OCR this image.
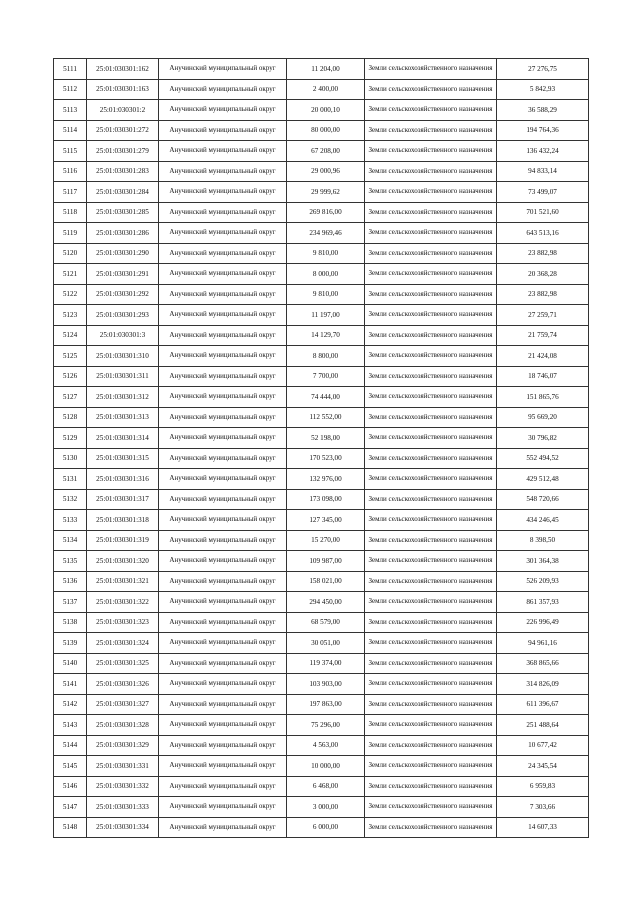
5111	25:01:030301:162	Анучинский муниципальный округ	11 204,00	Земли сельскохозяйственного назначения	27 276,75
5112	25:01:030301:163	Анучинский муниципальный округ	2 400,00	Земли сельскохозяйственного назначения	5 842,93
5113	25:01:030301:2	Анучинский муниципальный округ	20 000,10	Земли сельскохозяйственного назначения	36 588,29
5114	25:01:030301:272	Анучинский муниципальный округ	80 000,00	Земли сельскохозяйственного назначения	194 764,36
5115	25:01:030301:279	Анучинский муниципальный округ	67 208,00	Земли сельскохозяйственного назначения	136 432,24
5116	25:01:030301:283	Анучинский муниципальный округ	29 000,96	Земли сельскохозяйственного назначения	94 833,14
5117	25:01:030301:284	Анучинский муниципальный округ	29 999,62	Земли сельскохозяйственного назначения	73 499,07
5118	25:01:030301:285	Анучинский муниципальный округ	269 816,00	Земли сельскохозяйственного назначения	701 521,60
5119	25:01:030301:286	Анучинский муниципальный округ	234 969,46	Земли сельскохозяйственного назначения	643 513,16
5120	25:01:030301:290	Анучинский муниципальный округ	9 810,00	Земли сельскохозяйственного назначения	23 882,98
5121	25:01:030301:291	Анучинский муниципальный округ	8 000,00	Земли сельскохозяйственного назначения	20 368,28
5122	25:01:030301:292	Анучинский муниципальный округ	9 810,00	Земли сельскохозяйственного назначения	23 882,98
5123	25:01:030301:293	Анучинский муниципальный округ	11 197,00	Земли сельскохозяйственного назначения	27 259,71
5124	25:01:030301:3	Анучинский муниципальный округ	14 129,70	Земли сельскохозяйственного назначения	21 759,74
5125	25:01:030301:310	Анучинский муниципальный округ	8 800,00	Земли сельскохозяйственного назначения	21 424,08
5126	25:01:030301:311	Анучинский муниципальный округ	7 700,00	Земли сельскохозяйственного назначения	18 746,07
5127	25:01:030301:312	Анучинский муниципальный округ	74 444,00	Земли сельскохозяйственного назначения	151 865,76
5128	25:01:030301:313	Анучинский муниципальный округ	112 552,00	Земли сельскохозяйственного назначения	95 669,20
5129	25:01:030301:314	Анучинский муниципальный округ	52 198,00	Земли сельскохозяйственного назначения	30 796,82
5130	25:01:030301:315	Анучинский муниципальный округ	170 523,00	Земли сельскохозяйственного назначения	552 494,52
5131	25:01:030301:316	Анучинский муниципальный округ	132 976,00	Земли сельскохозяйственного назначения	429 512,48
5132	25:01:030301:317	Анучинский муниципальный округ	173 098,00	Земли сельскохозяйственного назначения	548 720,66
5133	25:01:030301:318	Анучинский муниципальный округ	127 345,00	Земли сельскохозяйственного назначения	434 246,45
5134	25:01:030301:319	Анучинский муниципальный округ	15 270,00	Земли сельскохозяйственного назначения	8 398,50
5135	25:01:030301:320	Анучинский муниципальный округ	109 987,00	Земли сельскохозяйственного назначения	301 364,38
5136	25:01:030301:321	Анучинский муниципальный округ	158 021,00	Земли сельскохозяйственного назначения	526 209,93
5137	25:01:030301:322	Анучинский муниципальный округ	294 450,00	Земли сельскохозяйственного назначения	861 357,93
5138	25:01:030301:323	Анучинский муниципальный округ	68 579,00	Земли сельскохозяйственного назначения	226 996,49
5139	25:01:030301:324	Анучинский муниципальный округ	30 051,00	Земли сельскохозяйственного назначения	94 961,16
5140	25:01:030301:325	Анучинский муниципальный округ	119 374,00	Земли сельскохозяйственного назначения	368 865,66
5141	25:01:030301:326	Анучинский муниципальный округ	103 903,00	Земли сельскохозяйственного назначения	314 826,09
5142	25:01:030301:327	Анучинский муниципальный округ	197 863,00	Земли сельскохозяйственного назначения	611 396,67
5143	25:01:030301:328	Анучинский муниципальный округ	75 296,00	Земли сельскохозяйственного назначения	251 488,64
5144	25:01:030301:329	Анучинский муниципальный округ	4 563,00	Земли сельскохозяйственного назначения	10 677,42
5145	25:01:030301:331	Анучинский муниципальный округ	10 000,00	Земли сельскохозяйственного назначения	24 345,54
5146	25:01:030301:332	Анучинский муниципальный округ	6 468,00	Земли сельскохозяйственного назначения	6 959,83
5147	25:01:030301:333	Анучинский муниципальный округ	3 000,00	Земли сельскохозяйственного назначения	7 303,66
5148	25:01:030301:334	Анучинский муниципальный округ	6 000,00	Земли сельскохозяйственного назначения	14 607,33
